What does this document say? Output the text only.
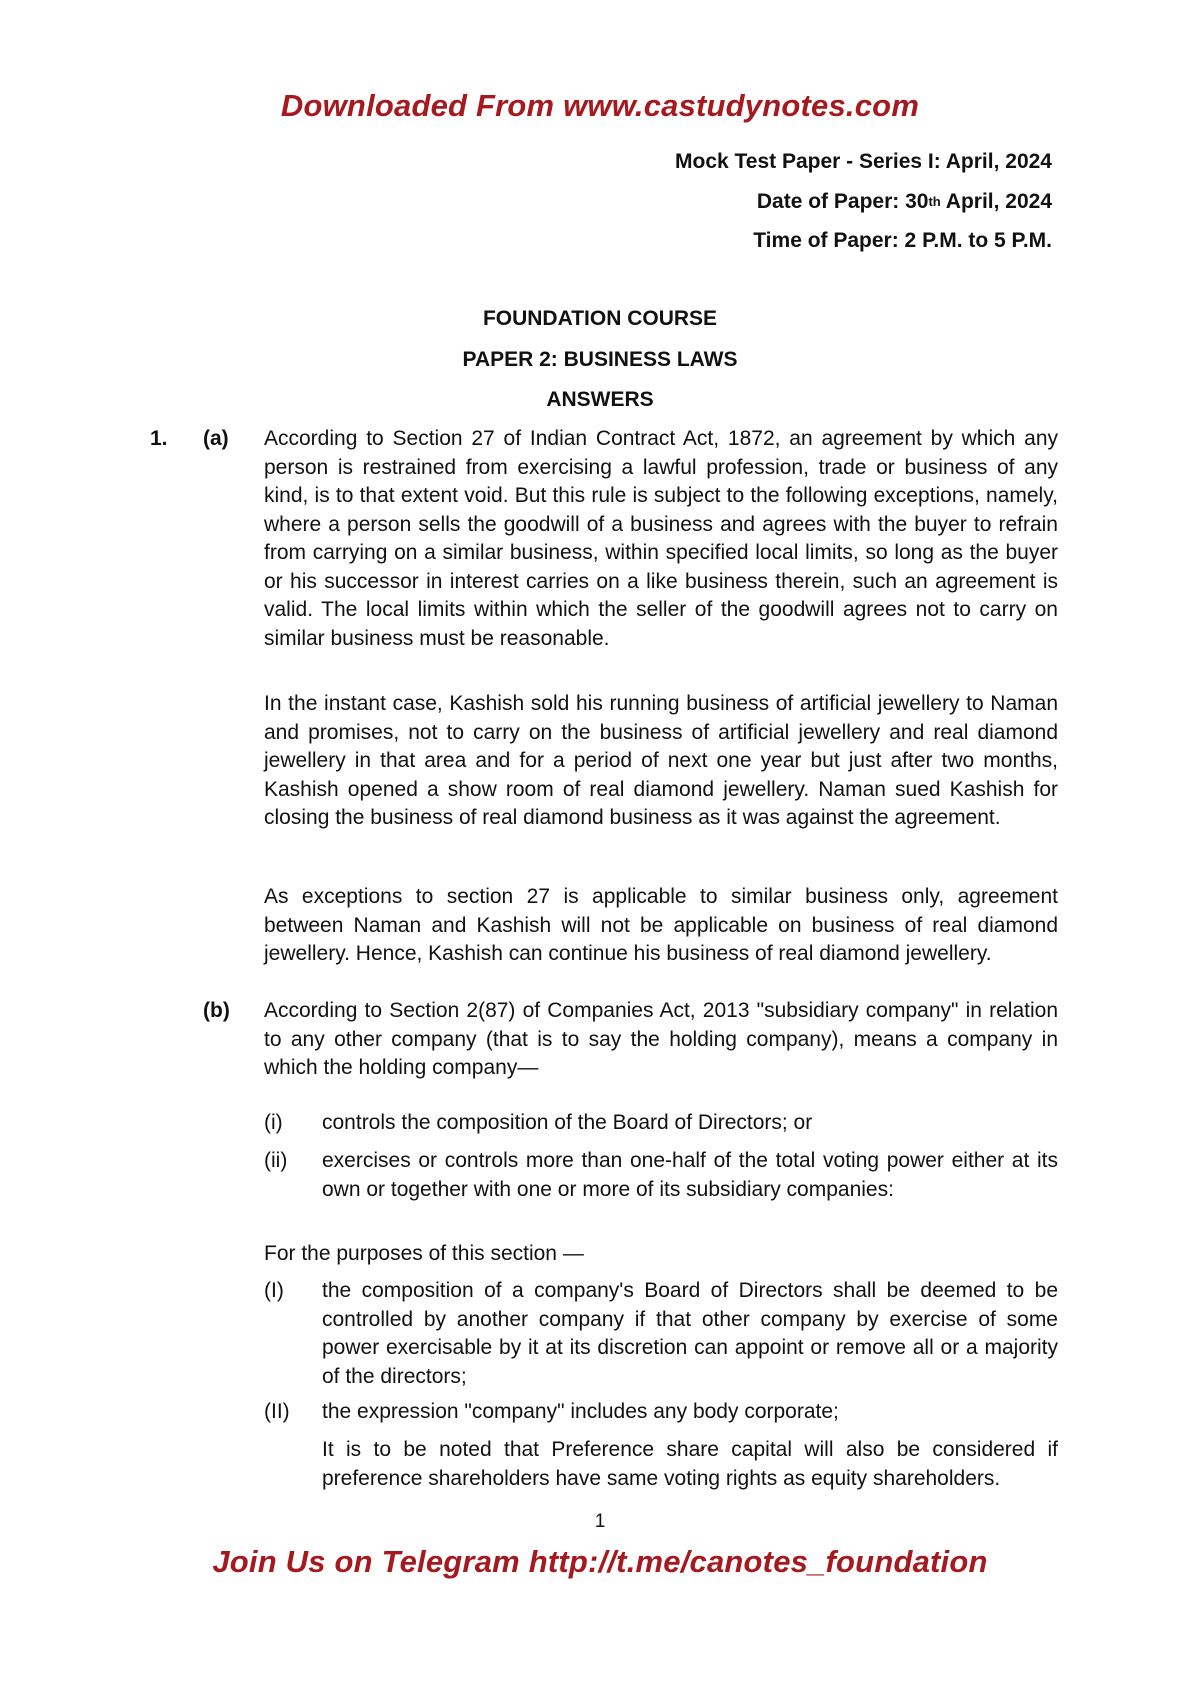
Downloaded From www.castudynotes.com
Mock Test Paper - Series I: April, 2024
Date of Paper: 30th April, 2024
Time of Paper: 2 P.M. to 5 P.M.
FOUNDATION COURSE
PAPER 2: BUSINESS LAWS
ANSWERS
1. (a) According to Section 27 of Indian Contract Act, 1872, an agreement by which any person is restrained from exercising a lawful profession, trade or business of any kind, is to that extent void. But this rule is subject to the following exceptions, namely, where a person sells the goodwill of a business and agrees with the buyer to refrain from carrying on a similar business, within specified local limits, so long as the buyer or his successor in interest carries on a like business therein, such an agreement is valid. The local limits within which the seller of the goodwill agrees not to carry on similar business must be reasonable.
In the instant case, Kashish sold his running business of artificial jewellery to Naman and promises, not to carry on the business of artificial jewellery and real diamond jewellery in that area and for a period of next one year but just after two months, Kashish opened a show room of real diamond jewellery. Naman sued Kashish for closing the business of real diamond business as it was against the agreement.
As exceptions to section 27 is applicable to similar business only, agreement between Naman and Kashish will not be applicable on business of real diamond jewellery. Hence, Kashish can continue his business of real diamond jewellery.
(b) According to Section 2(87) of Companies Act, 2013 "subsidiary company" in relation to any other company (that is to say the holding company), means a company in which the holding company—
(i) controls the composition of the Board of Directors; or
(ii) exercises or controls more than one-half of the total voting power either at its own or together with one or more of its subsidiary companies:
For the purposes of this section —
(I) the composition of a company's Board of Directors shall be deemed to be controlled by another company if that other company by exercise of some power exercisable by it at its discretion can appoint or remove all or a majority of the directors;
(II) the expression "company" includes any body corporate;
It is to be noted that Preference share capital will also be considered if preference shareholders have same voting rights as equity shareholders.
1
Join Us on Telegram http://t.me/canotes_foundation
